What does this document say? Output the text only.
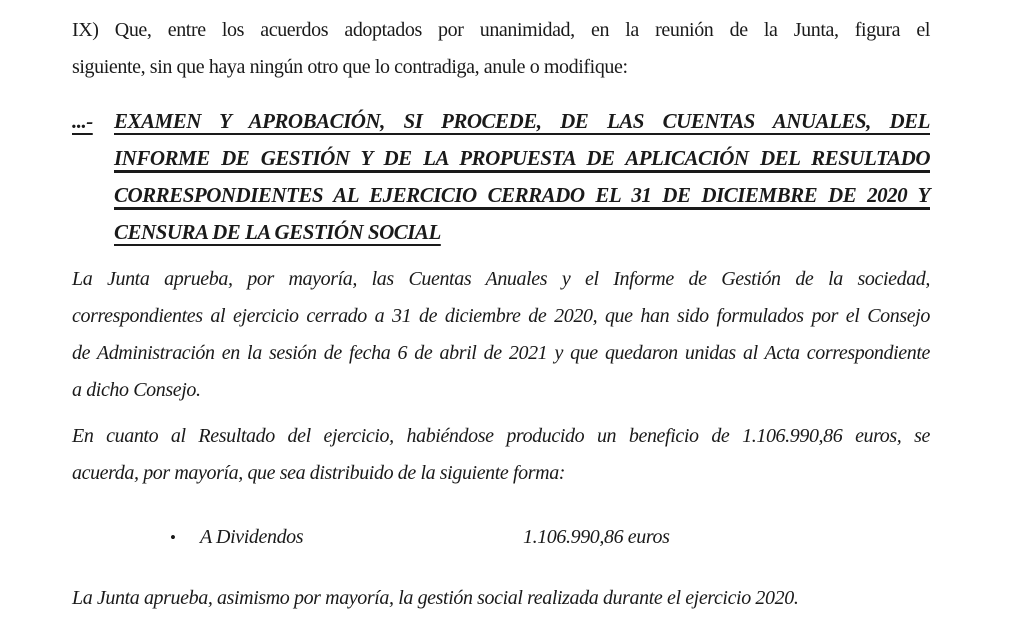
IX) Que, entre los acuerdos adoptados por unanimidad, en la reunión de la Junta, figura el
siguiente, sin que haya ningún otro que lo contradiga, anule o modifique:
...- EXAMEN Y APROBACIÓN, SI PROCEDE, DE LAS CUENTAS ANUALES, DEL
INFORME DE GESTIÓN Y DE LA PROPUESTA DE APLICACIÓN DEL RESULTADO
CORRESPONDIENTES AL EJERCICIO CERRADO EL 31 DE DICIEMBRE DE 2020 Y
CENSURA DE LA GESTIÓN SOCIAL
La Junta aprueba, por mayoría, las Cuentas Anuales y el Informe de Gestión de la sociedad,
correspondientes al ejercicio cerrado a 31 de diciembre de 2020, que han sido formulados por el Consejo
de Administración en la sesión de fecha 6 de abril de 2021 y que quedaron unidas al Acta correspondiente
a dicho Consejo.
En cuanto al Resultado del ejercicio, habiéndose producido un beneficio de 1.106.990,86 euros, se
acuerda, por mayoría, que sea distribuido de la siguiente forma:
• A Dividendos	1.106.990,86 euros
La Junta aprueba, asimismo por mayoría, la gestión social realizada durante el ejercicio 2020.
